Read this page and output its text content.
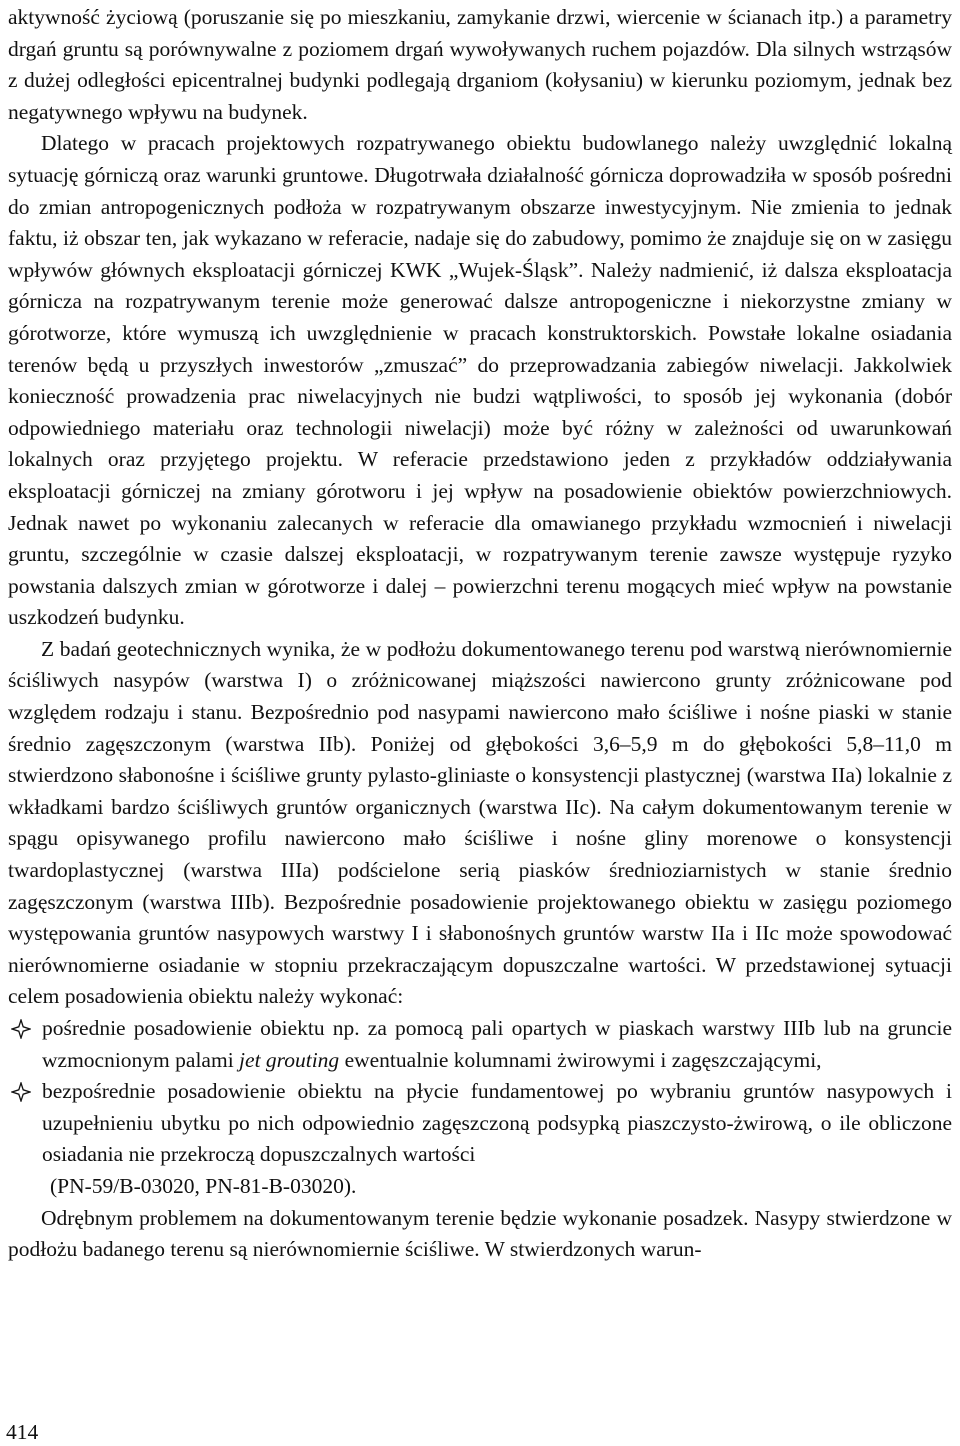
aktywność życiową (poruszanie się po mieszkaniu, zamykanie drzwi, wiercenie w ścianach itp.) a parametry drgań gruntu są porównywalne z poziomem drgań wywoływanych ruchem pojazdów. Dla silnych wstrząsów z dużej odległości epicentralnej budynki podlegają drganiom (kołysaniu) w kierunku poziomym, jednak bez negatywnego wpływu na budynek.

Dlatego w pracach projektowych rozpatrywanego obiektu budowlanego należy uwzględnić lokalną sytuację górniczą oraz warunki gruntowe. Długotrwała działalność górnicza doprowadziła w sposób pośredni do zmian antropogenicznych podłoża w rozpatrywanym obszarze inwestycyjnym. Nie zmienia to jednak faktu, iż obszar ten, jak wykazano w referacie, nadaje się do zabudowy, pomimo że znajduje się on w zasięgu wpływów głównych eksploatacji górniczej KWK „Wujek-Śląsk”. Należy nadmienić, iż dalsza eksploatacja górnicza na rozpatrywanym terenie może generować dalsze antropogeniczne i niekorzystne zmiany w górotworze, które wymuszą ich uwzględnienie w pracach konstruktorskich. Powstałe lokalne osiadania terenów będą u przyszłych inwestorów „zmuszać” do przeprowadzania zabiegów niwelacji. Jakkolwiek konieczność prowadzenia prac niwelacyjnych nie budzi wątpliwości, to sposób jej wykonania (dobór odpowiedniego materiału oraz technologii niwelacji) może być różny w zależności od uwarunkowań lokalnych oraz przyjętego projektu. W referacie przedstawiono jeden z przykładów oddziaływania eksploatacji górniczej na zmiany górotworu i jej wpływ na posadowienie obiektów powierzchniowych. Jednak nawet po wykonaniu zalecanych w referacie dla omawianego przykładu wzmocnień i niwelacji gruntu, szczególnie w czasie dalszej eksploatacji, w rozpatrywanym terenie zawsze występuje ryzyko powstania dalszych zmian w górotworze i dalej – powierzchni terenu mogących mieć wpływ na powstanie uszkodzeń budynku.

Z badań geotechnicznych wynika, że w podłożu dokumentowanego terenu pod warstwą nierównomiernie ściśliwych nasypów (warstwa I) o zróżnicowanej miąższości nawiercono grunty zróżnicowane pod względem rodzaju i stanu. Bezpośrednio pod nasypami nawiercono mało ściśliwe i nośne piaski w stanie średnio zagęszczonym (warstwa IIb). Poniżej od głębokości 3,6–5,9 m do głębokości 5,8–11,0 m stwierdzono słabonośne i ściśliwe grunty pylasto-gliniaste o konsystencji plastycznej (warstwa IIa) lokalnie z wkładkami bardzo ściśliwych gruntów organicznych (warstwa IIc). Na całym dokumentowanym terenie w spągu opisywanego profilu nawiercono mało ściśliwe i nośne gliny morenowe o konsystencji twardoplastycznej (warstwa IIIa) podścielone serią piasków średnioziarnistych w stanie średnio zagęszczonym (warstwa IIIb). Bezpośrednie posadowienie projektowanego obiektu w zasięgu poziomego występowania gruntów nasypowych warstwy I i słabonośnych gruntów warstw IIa i IIc może spowodować nierównomierne osiadanie w stopniu przekraczającym dopuszczalne wartości. W przedstawionej sytuacji celem posadowienia obiektu należy wykonać:

pośrednie posadowienie obiektu np. za pomocą pali opartych w piaskach warstwy IIIb lub na gruncie wzmocnionym palami jet grouting ewentualnie kolumnami żwirowymi i zagęszczającymi,
bezpośrednie posadowienie obiektu na płycie fundamentowej po wybraniu gruntów nasypowych i uzupełnieniu ubytku po nich odpowiednio zagęszczoną podsypką piaszczysto-żwirową, o ile obliczone osiadania nie przekroczą dopuszczalnych wartości
(PN-59/B-03020, PN-81-B-03020).

Odrębnym problemem na dokumentowanym terenie będzie wykonanie posadzek. Nasypy stwierdzone w podłożu badanego terenu są nierównomiernie ściśliwe. W stwierdzonych warun-

414
